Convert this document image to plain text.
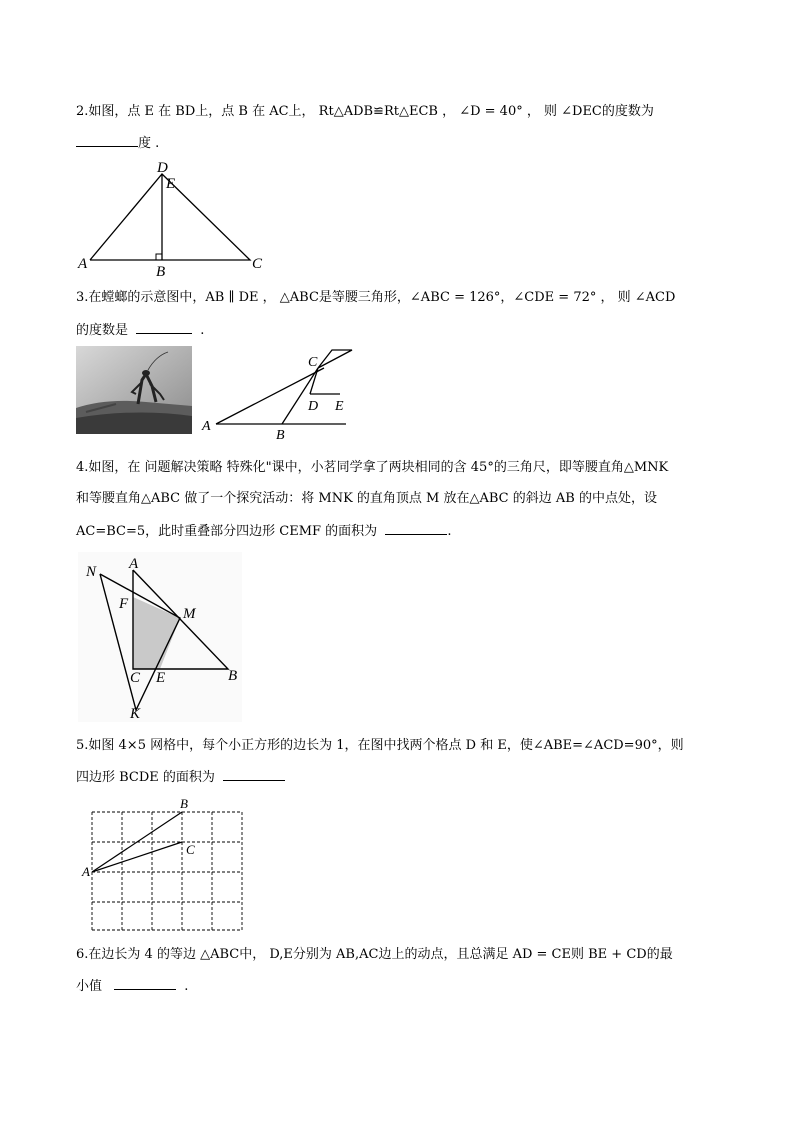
2.如图，点 E 在 BD上，点 B 在 AC上， Rt△ADB≌Rt△ECB ， ∠D = 40° ， 则 ∠DEC的度数为
度 .
A	B	C
D
E
3.在螳螂的示意图中，AB ∥ DE ， △ABC是等腰三角形，∠ABC = 126°，∠CDE = 72° ， 则 ∠ACD
的度数是	.
A
B
C
D E
4.如图，在 问题解决策略 特殊化"课中，小茗同学拿了两块相同的含 45°的三角尺，即等腰直角△MNK
和等腰直角△ABC 做了一个探究活动：将 MNK 的直角顶点 M 放在△ABC 的斜边 AB 的中点处，设
AC=BC=5，此时重叠部分四边形 CEMF 的面积为	.
A
N
F
M
C E	B
K
5.如图 4×5 网格中，每个小正方形的边长为 1，在图中找两个格点 D 和 E，使∠ABE=∠ACD=90°，则
四边形 BCDE 的面积为
A
B
C
6.在边长为 4 的等边 △ABC中， D,E分别为 AB,AC边上的动点，且总满足 AD = CE则 BE + CD的最
小值	.
